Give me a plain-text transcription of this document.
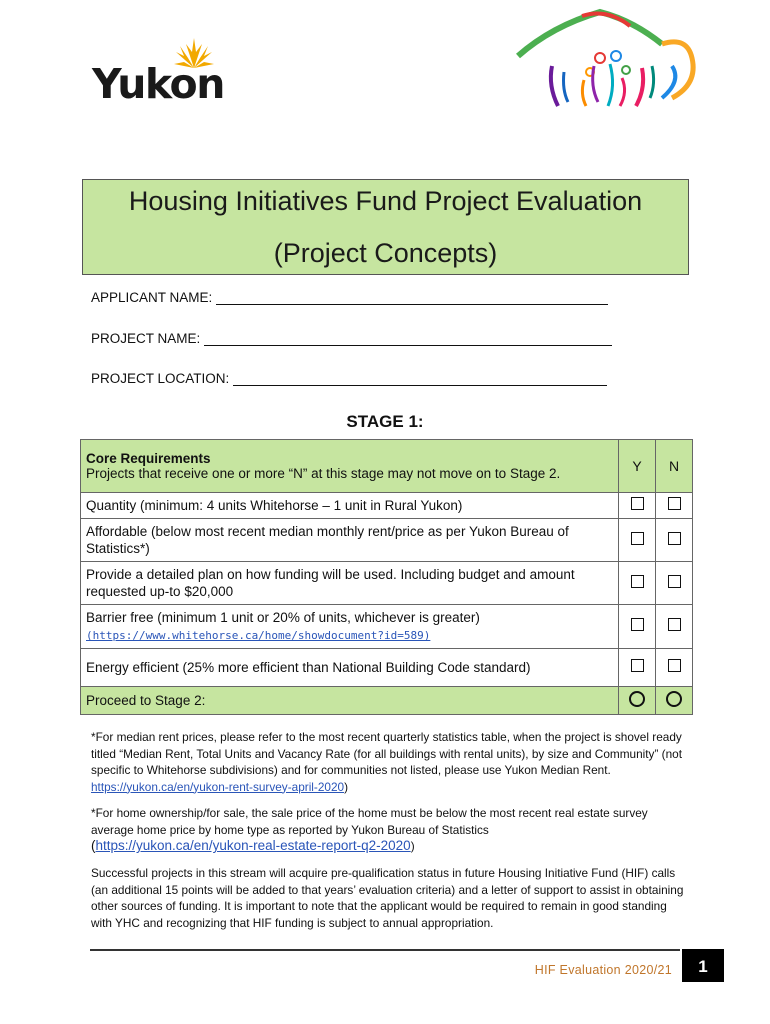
Yukon
Housing Initiatives Fund Project Evaluation
(Project Concepts)
APPLICANT NAME:
PROJECT NAME:
PROJECT LOCATION:
STAGE 1:
Core Requirements
Projects that receive one or more “N” at this stage may not move on to Stage 2.	Y	N
Quantity (minimum: 4 units Whitehorse – 1 unit in Rural Yukon)		
Affordable (below most recent median monthly rent/price as per Yukon Bureau of Statistics*)		
Provide a detailed plan on how funding will be used. Including budget and amount requested up-to $20,000		
Barrier free (minimum 1 unit or 20% of units, whichever is greater)
(https://www.whitehorse.ca/home/showdocument?id=589)		
Energy efficient (25% more efficient than National Building Code standard)		
Proceed to Stage 2:		
*For median rent prices, please refer to the most recent quarterly statistics table, when the project is shovel ready titled “Median Rent, Total Units and Vacancy Rate (for all buildings with rental units), by size and Community” (not specific to Whitehorse subdivisions) and for communities not listed, please use Yukon Median Rent. https://yukon.ca/en/yukon-rent-survey-april-2020)
*For home ownership/for sale, the sale price of the home must be below the most recent real estate survey average home price by home type as reported by Yukon Bureau of Statistics
(https://yukon.ca/en/yukon-real-estate-report-q2-2020)
Successful projects in this stream will acquire pre-qualification status in future Housing Initiative Fund (HIF) calls (an additional 15 points will be added to that years’ evaluation criteria) and a letter of support to assist in obtaining other sources of funding. It is important to note that the applicant would be required to remain in good standing with YHC and recognizing that HIF funding is subject to annual appropriation.
HIF Evaluation 2020/21	1
